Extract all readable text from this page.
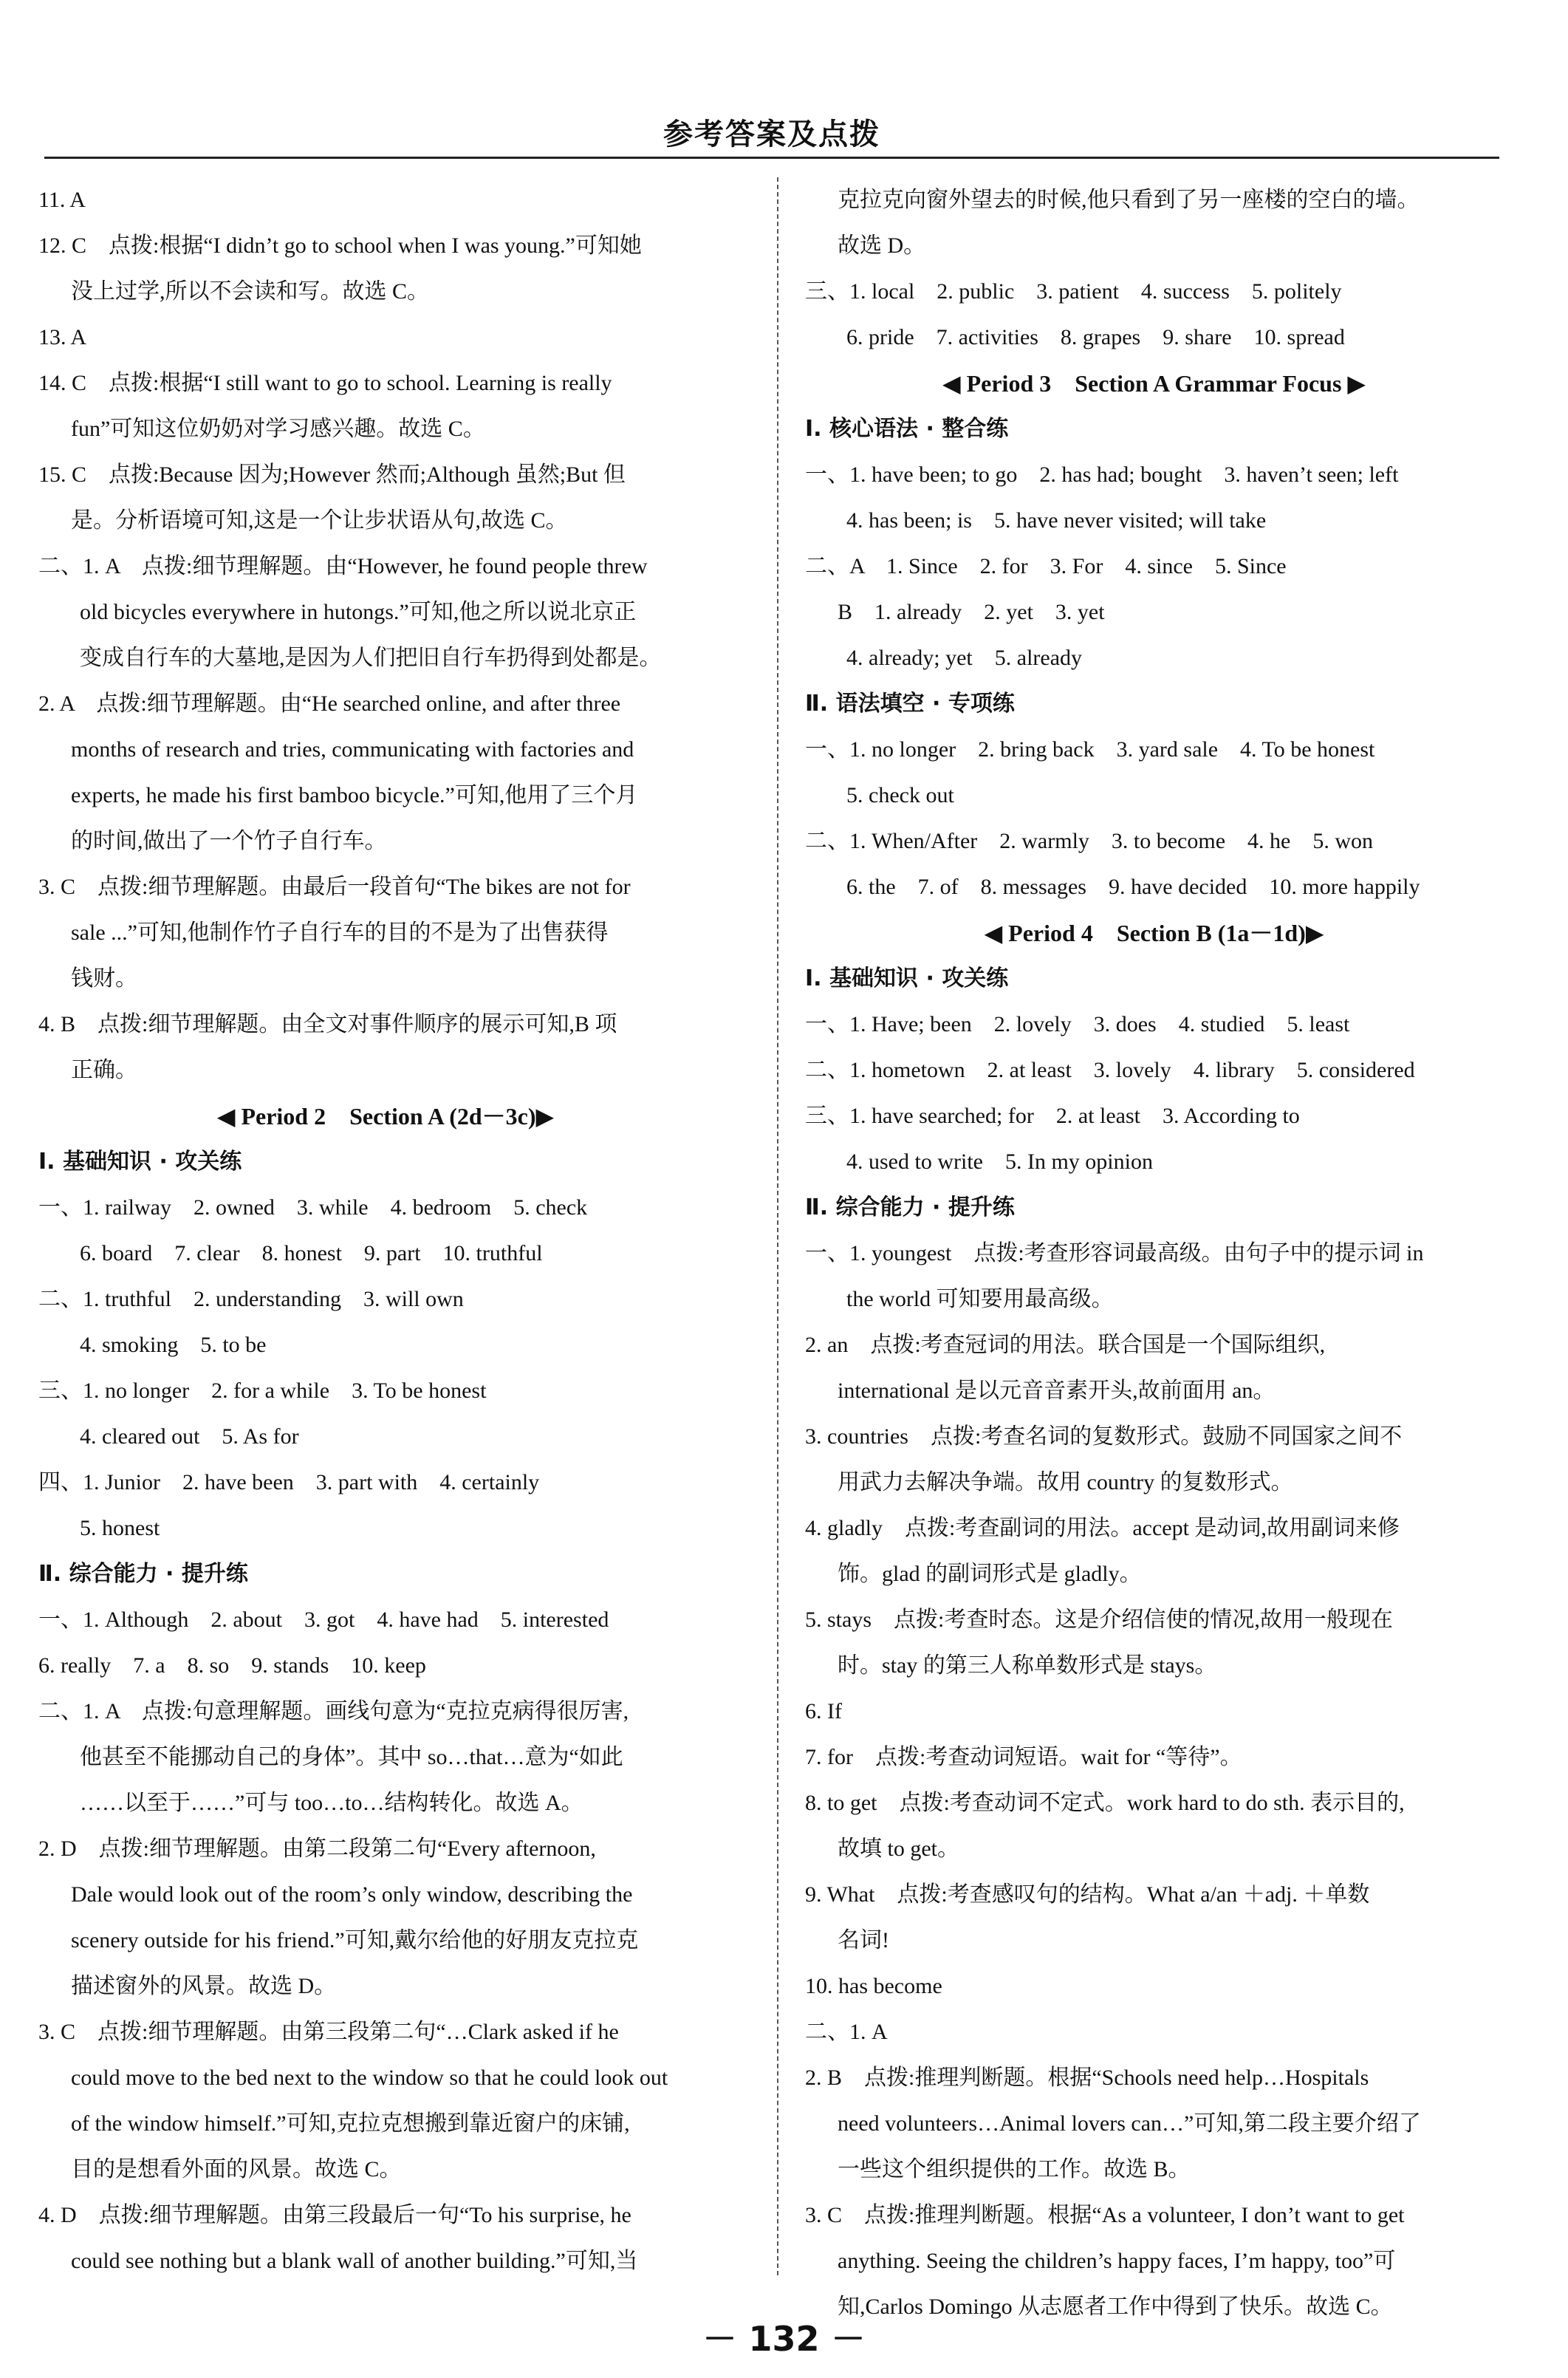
参考答案及点拨
11. A
12. C　点拨:根据“I didn’t go to school when I was young.”可知她
没上过学,所以不会读和写。故选 C。
13. A
14. C　点拨:根据“I still want to go to school. Learning is really
fun”可知这位奶奶对学习感兴趣。故选 C。
15. C　点拨:Because 因为;However 然而;Although 虽然;But 但
是。分析语境可知,这是一个让步状语从句,故选 C。
二、1. A　点拨:细节理解题。由“However, he found people threw
old bicycles everywhere in hutongs.”可知,他之所以说北京正
变成自行车的大墓地,是因为人们把旧自行车扔得到处都是。
2. A　点拨:细节理解题。由“He searched online, and after three
months of research and tries, communicating with factories and
experts, he made his first bamboo bicycle.”可知,他用了三个月
的时间,做出了一个竹子自行车。
3. C　点拨:细节理解题。由最后一段首句“The bikes are not for
sale ...”可知,他制作竹子自行车的目的不是为了出售获得
钱财。
4. B　点拨:细节理解题。由全文对事件顺序的展示可知,B 项
正确。
◀ Period 2　Section A (2d－3c)▶
Ⅰ. 基础知识 · 攻关练
一、1. railway　2. owned　3. while　4. bedroom　5. check
6. board　7. clear　8. honest　9. part　10. truthful
二、1. truthful　2. understanding　3. will own
4. smoking　5. to be
三、1. no longer　2. for a while　3. To be honest
4. cleared out　5. As for
四、1. Junior　2. have been　3. part with　4. certainly
5. honest
Ⅱ. 综合能力 · 提升练
一、1. Although　2. about　3. got　4. have had　5. interested
6. really　7. a　8. so　9. stands　10. keep
二、1. A　点拨:句意理解题。画线句意为“克拉克病得很厉害,
他甚至不能挪动自己的身体”。其中 so…that…意为“如此
……以至于……”可与 too…to…结构转化。故选 A。
2. D　点拨:细节理解题。由第二段第二句“Every afternoon,
Dale would look out of the room’s only window, describing the
scenery outside for his friend.”可知,戴尔给他的好朋友克拉克
描述窗外的风景。故选 D。
3. C　点拨:细节理解题。由第三段第二句“…Clark asked if he
could move to the bed next to the window so that he could look out
of the window himself.”可知,克拉克想搬到靠近窗户的床铺,
目的是想看外面的风景。故选 C。
4. D　点拨:细节理解题。由第三段最后一句“To his surprise, he
could see nothing but a blank wall of another building.”可知,当
克拉克向窗外望去的时候,他只看到了另一座楼的空白的墙。
故选 D。
三、1. local　2. public　3. patient　4. success　5. politely
6. pride　7. activities　8. grapes　9. share　10. spread
◀ Period 3　Section A Grammar Focus ▶
Ⅰ. 核心语法 · 整合练
一、1. have been; to go　2. has had; bought　3. haven’t seen; left
4. has been; is　5. have never visited; will take
二、A　1. Since　2. for　3. For　4. since　5. Since
B　1. already　2. yet　3. yet
4. already; yet　5. already
Ⅱ. 语法填空 · 专项练
一、1. no longer　2. bring back　3. yard sale　4. To be honest
5. check out
二、1. When/After　2. warmly　3. to become　4. he　5. won
6. the　7. of　8. messages　9. have decided　10. more happily
◀ Period 4　Section B (1a－1d)▶
Ⅰ. 基础知识 · 攻关练
一、1. Have; been　2. lovely　3. does　4. studied　5. least
二、1. hometown　2. at least　3. lovely　4. library　5. considered
三、1. have searched; for　2. at least　3. According to
4. used to write　5. In my opinion
Ⅱ. 综合能力 · 提升练
一、1. youngest　点拨:考查形容词最高级。由句子中的提示词 in
the world 可知要用最高级。
2. an　点拨:考查冠词的用法。联合国是一个国际组织,
international 是以元音音素开头,故前面用 an。
3. countries　点拨:考查名词的复数形式。鼓励不同国家之间不
用武力去解决争端。故用 country 的复数形式。
4. gladly　点拨:考查副词的用法。accept 是动词,故用副词来修
饰。glad 的副词形式是 gladly。
5. stays　点拨:考查时态。这是介绍信使的情况,故用一般现在
时。stay 的第三人称单数形式是 stays。
6. If
7. for　点拨:考查动词短语。wait for “等待”。
8. to get　点拨:考查动词不定式。work hard to do sth. 表示目的,
故填 to get。
9. What　点拨:考查感叹句的结构。What a/an ＋adj. ＋单数
名词!
10. has become
二、1. A
2. B　点拨:推理判断题。根据“Schools need help…Hospitals
need volunteers…Animal lovers can…”可知,第二段主要介绍了
一些这个组织提供的工作。故选 B。
3. C　点拨:推理判断题。根据“As a volunteer, I don’t want to get
anything. Seeing the children’s happy faces, I’m happy, too”可
知,Carlos Domingo 从志愿者工作中得到了快乐。故选 C。
－ 132 －
